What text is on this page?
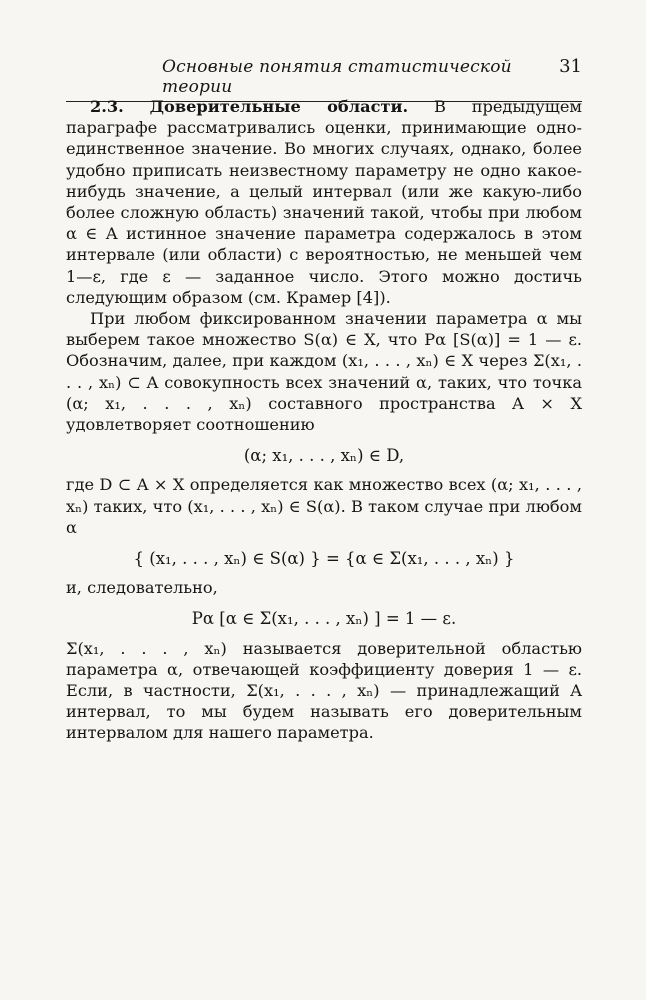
Основные понятия статистической теории
31

2.3. Доверительные области. В предыдущем параграфе рассматривались оценки, принимающие одно-единственное значение. Во многих случаях, однако, более удобно приписать неизвестному параметру не одно какое-нибудь значение, а целый интервал (или же какую-либо более сложную область) значений такой, чтобы при любом α ∈ A истинное значение параметра содержалось в этом интервале (или области) с вероятностью, не меньшей чем 1—ε, где ε — заданное число. Этого можно достичь следующим образом (см. Крамер [4]).

При любом фиксированном значении параметра α мы выберем такое множество S(α) ∈ X, что Pα [S(α)] = 1 — ε. Обозначим, далее, при каждом (x₁, . . . , xₙ) ∈ X через Σ(x₁, . . . , xₙ) ⊂ A совокупность всех значений α, таких, что точка (α; x₁, . . . , xₙ) составного пространства A × X удовлетворяет соотношению

(α; x₁, . . . , xₙ) ∈ D,

где D ⊂ A × X определяется как множество всех (α; x₁, . . . , xₙ) таких, что (x₁, . . . , xₙ) ∈ S(α). В таком случае при любом α

{ (x₁, . . . , xₙ) ∈ S(α) } = {α ∈ Σ(x₁, . . . , xₙ) }

и, следовательно,

Pα [α ∈ Σ(x₁, . . . , xₙ) ] = 1 — ε.

Σ(x₁, . . . , xₙ) называется доверительной областью параметра α, отвечающей коэффициенту доверия 1 — ε. Если, в частности, Σ(x₁, . . . , xₙ) — принадлежащий A интервал, то мы будем называть его доверительным интервалом для нашего параметра.
